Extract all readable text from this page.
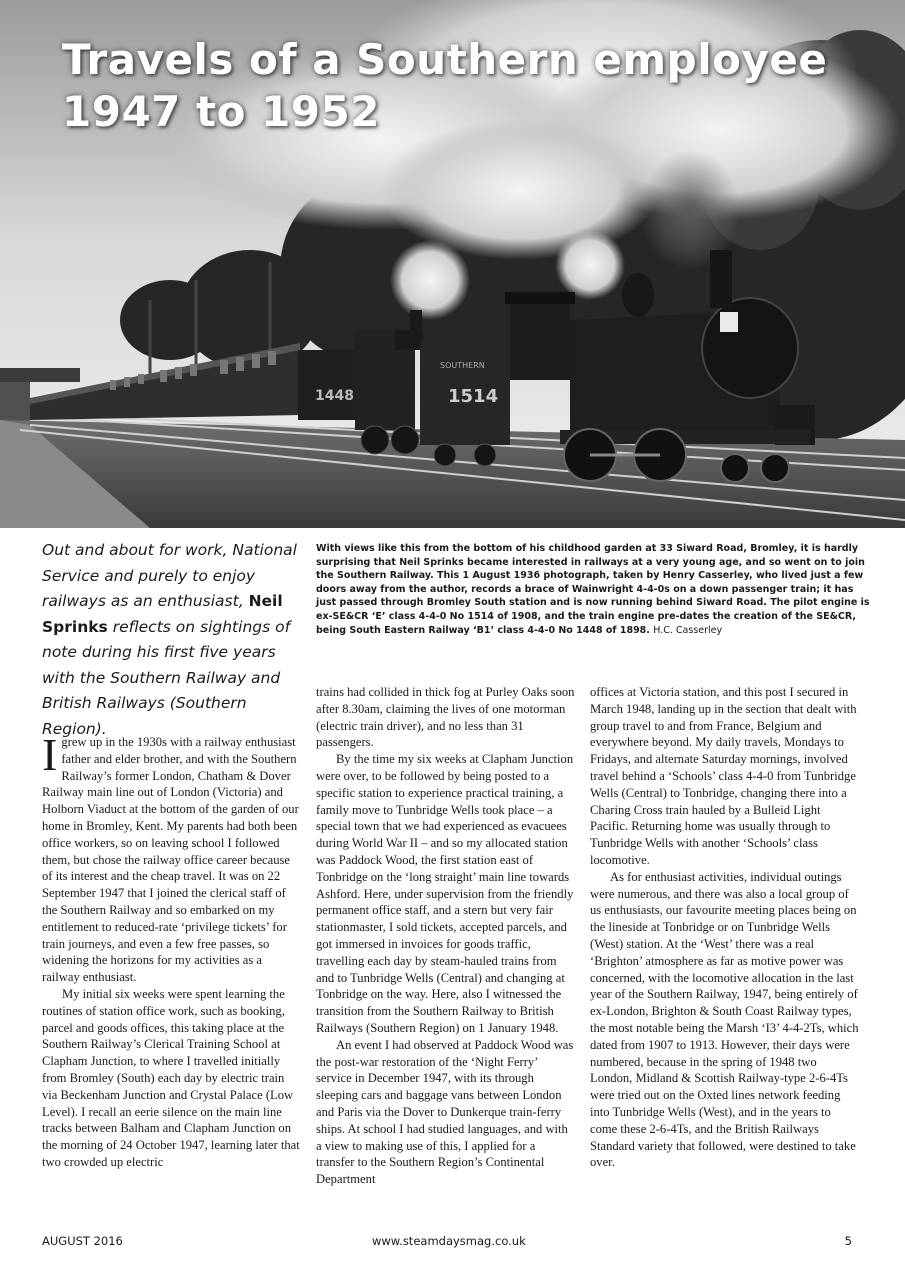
1448
SOUTHERN
1514
Travels of a Southern employee
1947 to 1952
Out and about for work, National Service and purely to enjoy railways as an enthusiast, Neil Sprinks reflects on sightings of note during his first five years with the Southern Railway and British Railways (Southern Region).
With views like this from the bottom of his childhood garden at 33 Siward Road, Bromley, it is hardly surprising that Neil Sprinks became interested in railways at a very young age, and so went on to join the Southern Railway. This 1 August 1936 photograph, taken by Henry Casserley, who lived just a few doors away from the author, records a brace of Wainwright 4-4-0s on a down passenger train; it has just passed through Bromley South station and is now running behind Siward Road. The pilot engine is ex-SE&CR ‘E’ class 4-4-0 No 1514 of 1908, and the train engine pre-dates the creation of the SE&CR, being South Eastern Railway ‘B1’ class 4-4-0 No 1448 of 1898. H.C. Casserley

Igrew up in the 1930s with a railway enthusiast father and elder brother, and with the Southern Railway’s former London, Chatham & Dover Railway main line out of London (Victoria) and Holborn Viaduct at the bottom of the garden of our home in Bromley, Kent. My parents had both been office workers, so on leaving school I followed them, but chose the railway office career because of its interest and the cheap travel. It was on 22 September 1947 that I joined the clerical staff of the Southern Railway and so embarked on my entitlement to reduced-rate ‘privilege tickets’ for train journeys, and even a few free passes, so widening the horizons for my activities as a railway enthusiast.

My initial six weeks were spent learning the routines of station office work, such as booking, parcel and goods offices, this taking place at the Southern Railway’s Clerical Training School at Clapham Junction, to where I travelled initially from Bromley (South) each day by electric train via Beckenham Junction and Crystal Palace (Low Level). I recall an eerie silence on the main line tracks between Balham and Clapham Junction on the morning of 24 October 1947, learning later that two crowded up electric

trains had collided in thick fog at Purley Oaks soon after 8.30am, claiming the lives of one motorman (electric train driver), and no less than 31 passengers.

By the time my six weeks at Clapham Junction were over, to be followed by being posted to a specific station to experience practical training, a family move to Tunbridge Wells took place – a special town that we had experienced as evacuees during World War II – and so my allocated station was Paddock Wood, the first station east of Tonbridge on the ‘long straight’ main line towards Ashford. Here, under supervision from the friendly permanent office staff, and a stern but very fair stationmaster, I sold tickets, accepted parcels, and got immersed in invoices for goods traffic, travelling each day by steam-hauled trains from and to Tunbridge Wells (Central) and changing at Tonbridge on the way. Here, also I witnessed the transition from the Southern Railway to British Railways (Southern Region) on 1 January 1948.

An event I had observed at Paddock Wood was the post-war restoration of the ‘Night Ferry’ service in December 1947, with its through sleeping cars and baggage vans between London and Paris via the Dover to Dunkerque train-ferry ships. At school I had studied languages, and with a view to making use of this, I applied for a transfer to the Southern Region’s Continental Department

offices at Victoria station, and this post I secured in March 1948, landing up in the section that dealt with group travel to and from France, Belgium and everywhere beyond. My daily travels, Mondays to Fridays, and alternate Saturday mornings, involved travel behind a ‘Schools’ class 4-4-0 from Tunbridge Wells (Central) to Tonbridge, changing there into a Charing Cross train hauled by a Bulleid Light Pacific. Returning home was usually through to Tunbridge Wells with another ‘Schools’ class locomotive.

As for enthusiast activities, individual outings were numerous, and there was also a local group of us enthusiasts, our favourite meeting places being on the lineside at Tonbridge or on Tunbridge Wells (West) station. At the ‘West’ there was a real ‘Brighton’ atmosphere as far as motive power was concerned, with the locomotive allocation in the last year of the Southern Railway, 1947, being entirely of ex-London, Brighton & South Coast Railway types, the most notable being the Marsh ‘I3’ 4-4-2Ts, which dated from 1907 to 1913. However, their days were numbered, because in the spring of 1948 two London, Midland & Scottish Railway-type 2-6-4Ts were tried out on the Oxted lines network feeding into Tunbridge Wells (West), and in the years to come these 2-6-4Ts, and the British Railways Standard variety that followed, were destined to take over.

AUGUST 2016	www.steamdaysmag.co.uk	5
